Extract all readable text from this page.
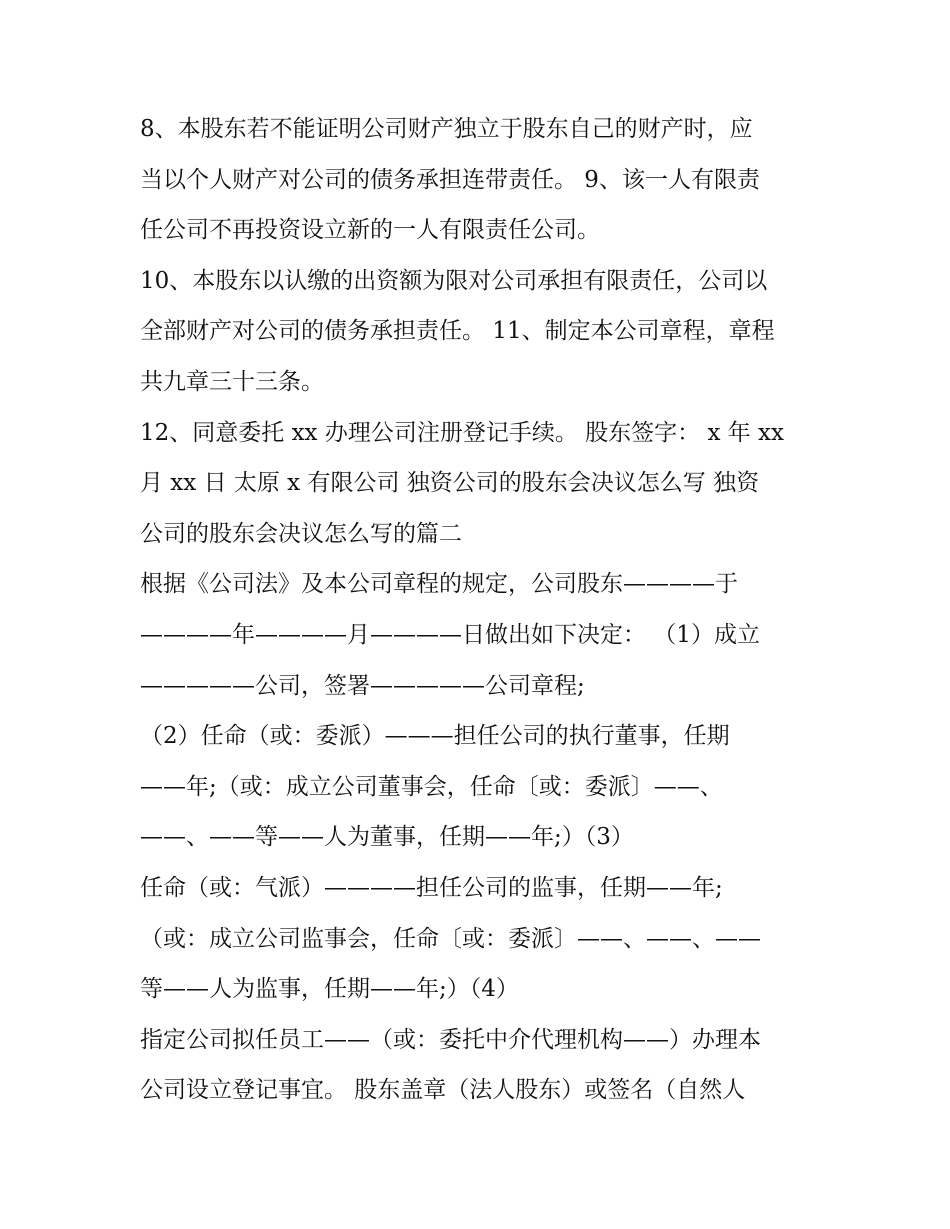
8、本股东若不能证明公司财产独立于股东自己的财产时，应
当以个人财产对公司的债务承担连带责任。 9、该一人有限责
任公司不再投资设立新的一人有限责任公司。
10、本股东以认缴的出资额为限对公司承担有限责任，公司以
全部财产对公司的债务承担责任。 11、制定本公司章程，章程
共九章三十三条。
12、同意委托 xx 办理公司注册登记手续。 股东签字： x 年 xx
月 xx 日 太原 x 有限公司 独资公司的股东会决议怎么写 独资
公司的股东会决议怎么写的篇二
根据《公司法》及本公司章程的规定，公司股东————于
————年————月————日做出如下决定： （1）成立
—————公司，签署—————公司章程;
（2）任命（或：委派）———担任公司的执行董事，任期
——年;（或：成立公司董事会，任命〔或：委派〕——、
——、——等——人为董事，任期——年;）（3）
任命（或：气派）————担任公司的监事，任期——年;
（或：成立公司监事会，任命〔或：委派〕——、——、——
等——人为监事，任期——年;）（4）
指定公司拟任员工——（或：委托中介代理机构——）办理本
公司设立登记事宜。 股东盖章（法人股东）或签名（自然人
